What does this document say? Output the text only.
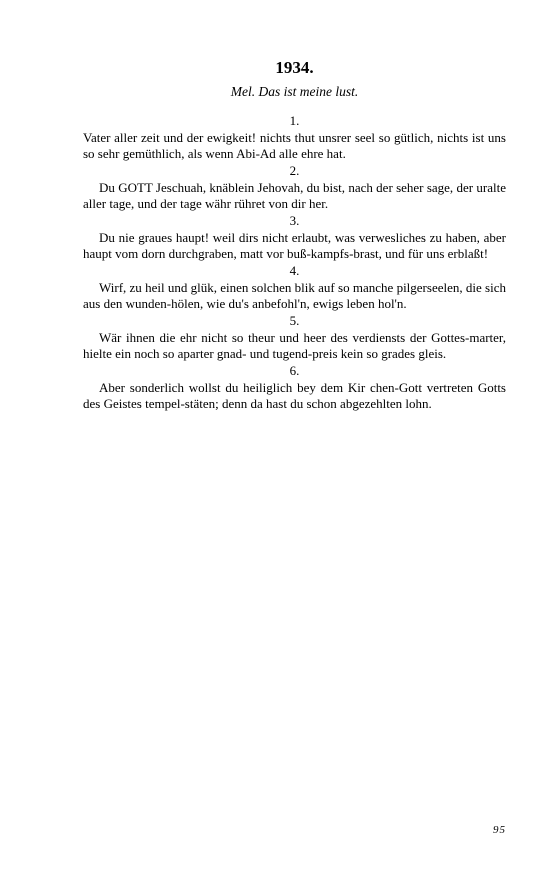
1934.
Mel. Das ist meine lust.
1.

Vater aller zeit und der ewigkeit! nichts thut unsrer seel so gütlich, nichts ist uns so sehr gemüthlich, als wenn Abi-Ad alle ehre hat.

2.

Du GOTT Jeschuah, knäblein Jehovah, du bist, nach der seher sage, der uralte aller tage, und der tage währ rühret von dir her.

3.

Du nie graues haupt! weil dirs nicht erlaubt, was verwesliches zu haben, aber haupt vom dorn durchgraben, matt vor buß-kampfs-brast, und für uns erblaßt!

4.

Wirf, zu heil und glük, einen solchen blik auf so manche pilgerseelen, die sich aus den wunden-hölen, wie du's anbefohl'n, ewigs leben hol'n.

5.

Wär ihnen die ehr nicht so theur und heer des verdiensts der Gottes-marter, hielte ein noch so aparter gnad- und tugend-preis kein so grades gleis.

6.

Aber sonderlich wollst du heiliglich bey dem Kir chen-Gott vertreten Gotts des Geistes tempel-stäten; denn da hast du schon abgezehlten lohn.

95
